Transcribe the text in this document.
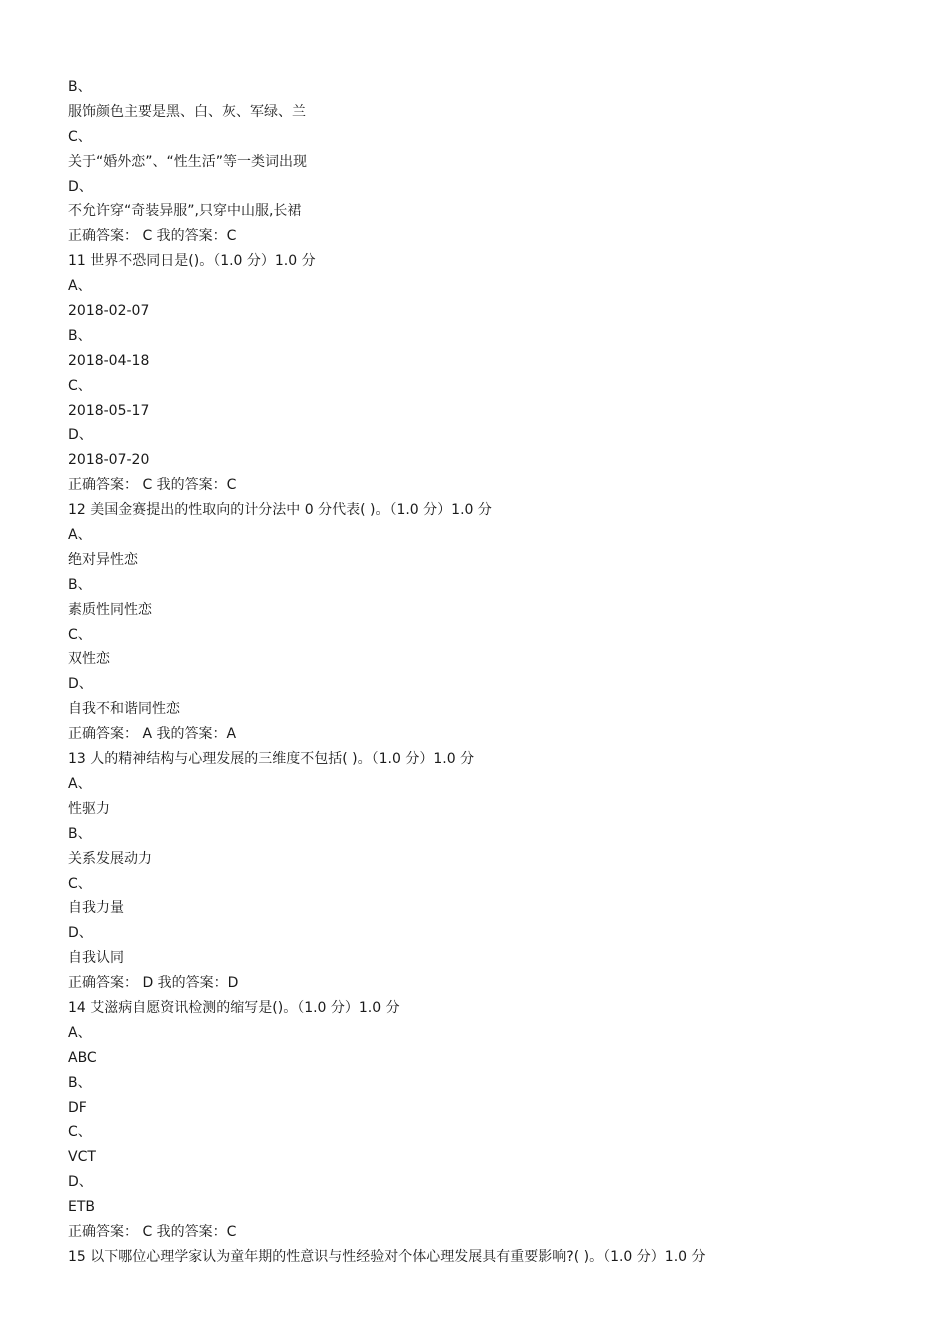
B、
服饰颜色主要是黑、白、灰、军绿、兰
C、
关于“婚外恋”、“性生活”等一类词出现
D、
不允许穿“奇装异服”,只穿中山服,长裙
正确答案： C 我的答案：C
11 世界不恐同日是()。（1.0 分）1.0 分
A、
2018-02-07
B、
2018-04-18
C、
2018-05-17
D、
2018-07-20
正确答案： C 我的答案：C
12 美国金赛提出的性取向的计分法中 0 分代表( )。（1.0 分）1.0 分
A、
绝对异性恋
B、
素质性同性恋
C、
双性恋
D、
自我不和谐同性恋
正确答案： A 我的答案：A
13 人的精神结构与心理发展的三维度不包括( )。（1.0 分）1.0 分
A、
性驱力
B、
关系发展动力
C、
自我力量
D、
自我认同
正确答案： D 我的答案：D
14 艾滋病自愿资讯检测的缩写是()。（1.0 分）1.0 分
A、
ABC
B、
DF
C、
VCT
D、
ETB
正确答案： C 我的答案：C
15 以下哪位心理学家认为童年期的性意识与性经验对个体心理发展具有重要影响?( )。（1.0 分）1.0 分
